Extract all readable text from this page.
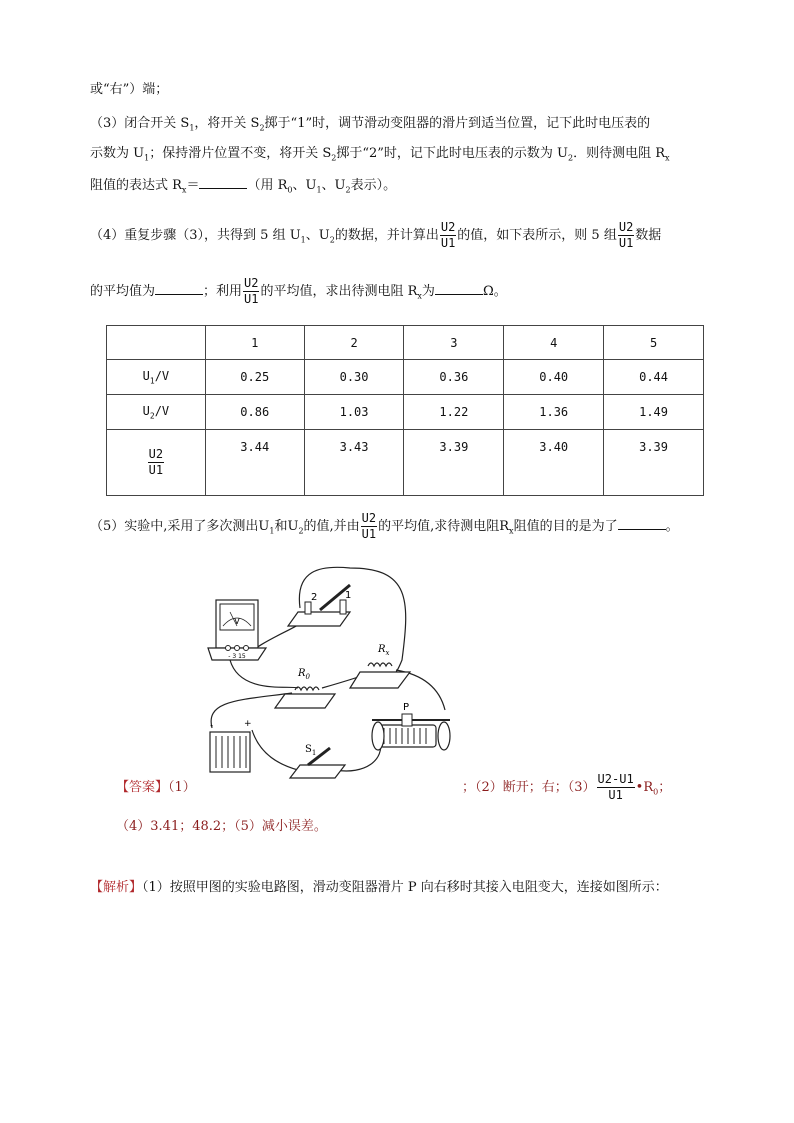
或“右”）端；
（3）闭合开关 $S_1$，将开关 $S_2$掷于“1”时，调节滑动变阻器的滑片到适当位置，记下此时电压表的
示数为 $U_1$；保持滑片位置不变，将开关 $S_2$掷于“2”时，记下此时电压表的示数为 $U_2$．则待测电阻 $R_x$
阻值的表达式 $R_x=$	（用 $R_0$、$U_1$、$U_2$表示）。
（4）重复步骤（3），共得到 5 组 $U_1$、$U_2$的数据，并计算出 $\frac{U2}{U1}$ 的值，如下表所示，则 5 组 $\frac{U2}{U1}$ 数据
的平均值为	；利用 $\frac{U2}{U1}$ 的平均值，求出待测电阻 $R_x$为	Ω。
	1	2	3	4	5
$U_1/V$	0.25	0.30	0.36	0.40	0.44
$U_2/V$	0.86	1.03	1.22	1.36	1.49

$\frac{U2}{U1}$	3.44	3.43	3.39	3.40	3.39
（5）实验中,采用了多次测出$U_1$和$U_2$的值,并由 $\frac{U2}{U1}$ 的平均值,求待测电阻$R_x$阻值的目的是为了	。
V
- 3 15
2	1
$R_x$
$R_0$
-	+
$S_1$
P
【答案】（1）	；（2）断开；右；$(3) \frac{U2-U1}{U1}$ $•R_0$；
（4）3.41；48.2；（5）减小误差。
【解析】（1）按照甲图的实验电路图，滑动变阻器滑片 P 向右移时其接入电阻变大，连接如图所示：
